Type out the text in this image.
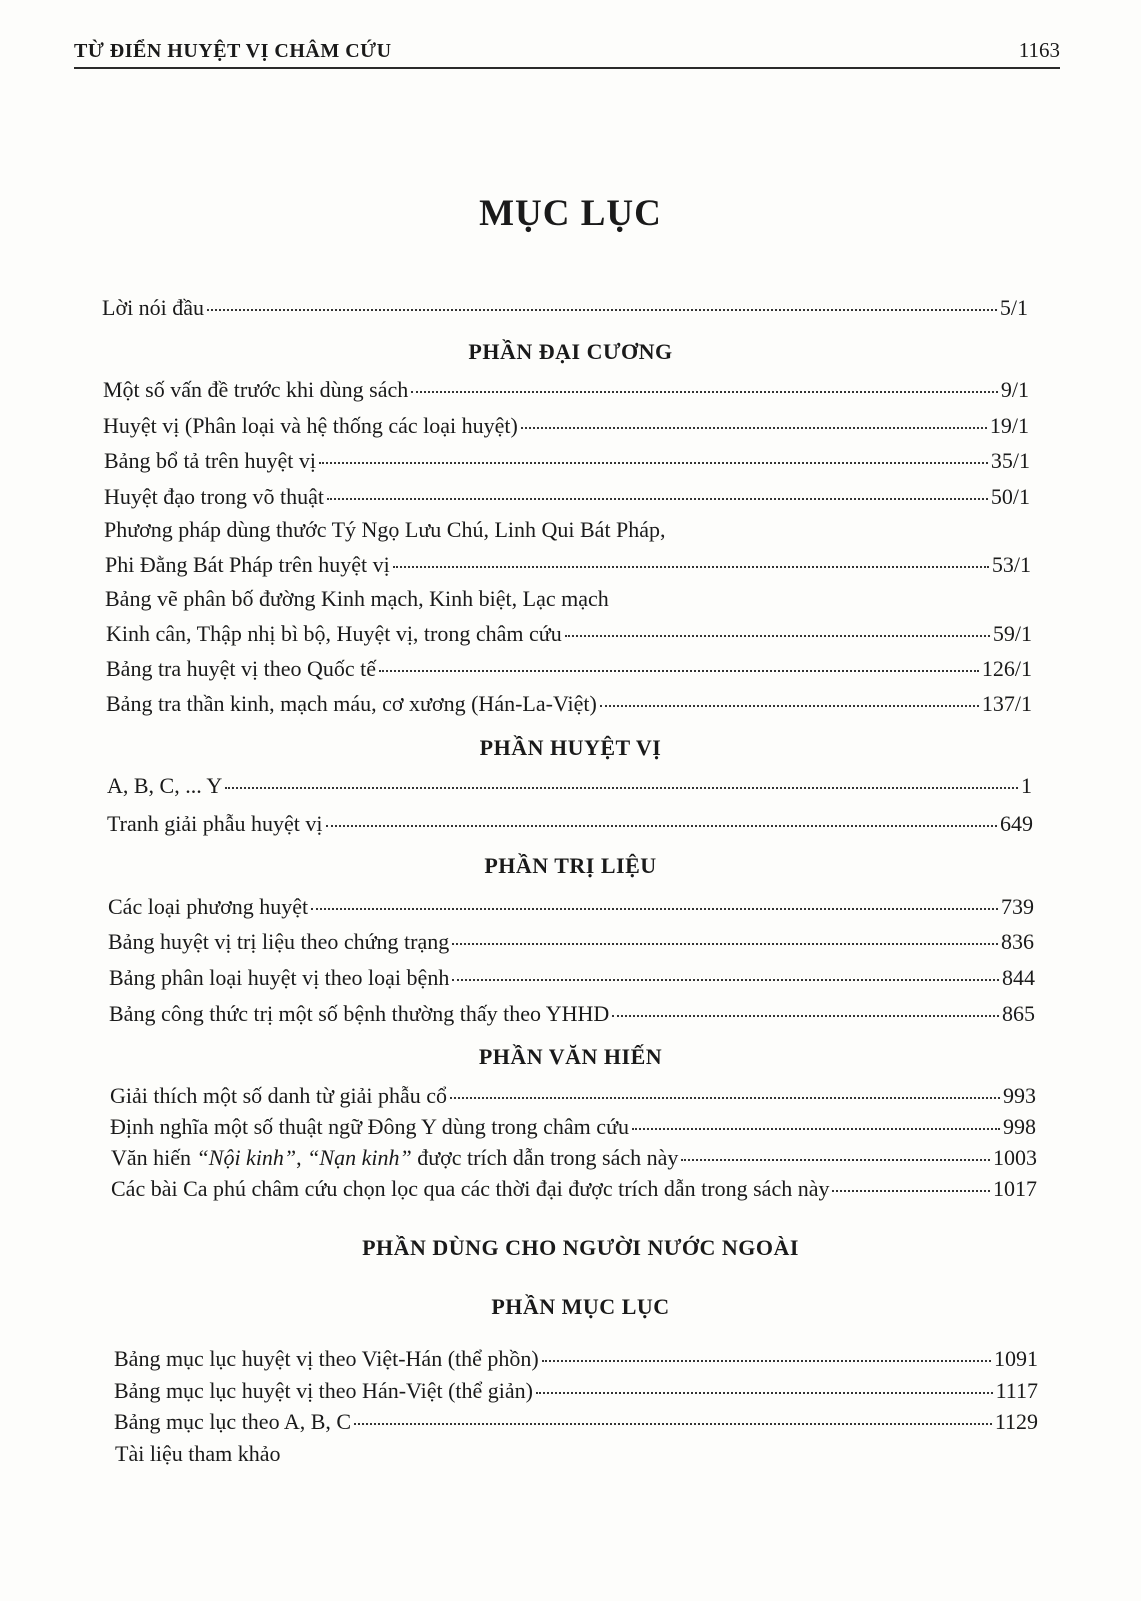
TỪ ĐIỂN HUYỆT VỊ CHÂM CỨU	1163
MỤC LỤC
Lời nói đầu	5/1
PHẦN ĐẠI CƯƠNG
Một số vấn đề trước khi dùng sách	9/1
Huyệt vị (Phân loại và hệ thống các loại huyệt)	19/1
Bảng bổ tả trên huyệt vị	35/1
Huyệt đạo trong võ thuật	50/1
Phương pháp dùng thước Tý Ngọ Lưu Chú, Linh Qui Bát Pháp,
Phi Đằng Bát Pháp trên huyệt vị	53/1
Bảng vẽ phân bố đường Kinh mạch, Kinh biệt, Lạc mạch
Kinh cân, Thập nhị bì bộ, Huyệt vị, trong châm cứu	59/1
Bảng tra huyệt vị theo Quốc tế	126/1
Bảng tra thần kinh, mạch máu, cơ xương (Hán-La-Việt)	137/1
PHẦN HUYỆT VỊ
A, B, C, ... Y	1
Tranh giải phẫu huyệt vị	649
PHẦN TRỊ LIỆU
Các loại phương huyệt	739
Bảng huyệt vị trị liệu theo chứng trạng	836
Bảng phân loại huyệt vị theo loại bệnh	844
Bảng công thức trị một số bệnh thường thấy theo YHHD	865
PHẦN VĂN HIẾN
Giải thích một số danh từ giải phẫu cổ	993
Định nghĩa một số thuật ngữ Đông Y dùng trong châm cứu	998
Văn hiến “Nội kinh”, “Nạn kinh” được trích dẫn trong sách này	1003
Các bài Ca phú châm cứu chọn lọc qua các thời đại được trích dẫn trong sách này	1017
PHẦN DÙNG CHO NGƯỜI NƯỚC NGOÀI
PHẦN MỤC LỤC
Bảng mục lục huyệt vị theo Việt-Hán (thể phồn)	1091
Bảng mục lục huyệt vị theo Hán-Việt (thể giản)	1117
Bảng mục lục theo A, B, C	1129
Tài liệu tham khảo
